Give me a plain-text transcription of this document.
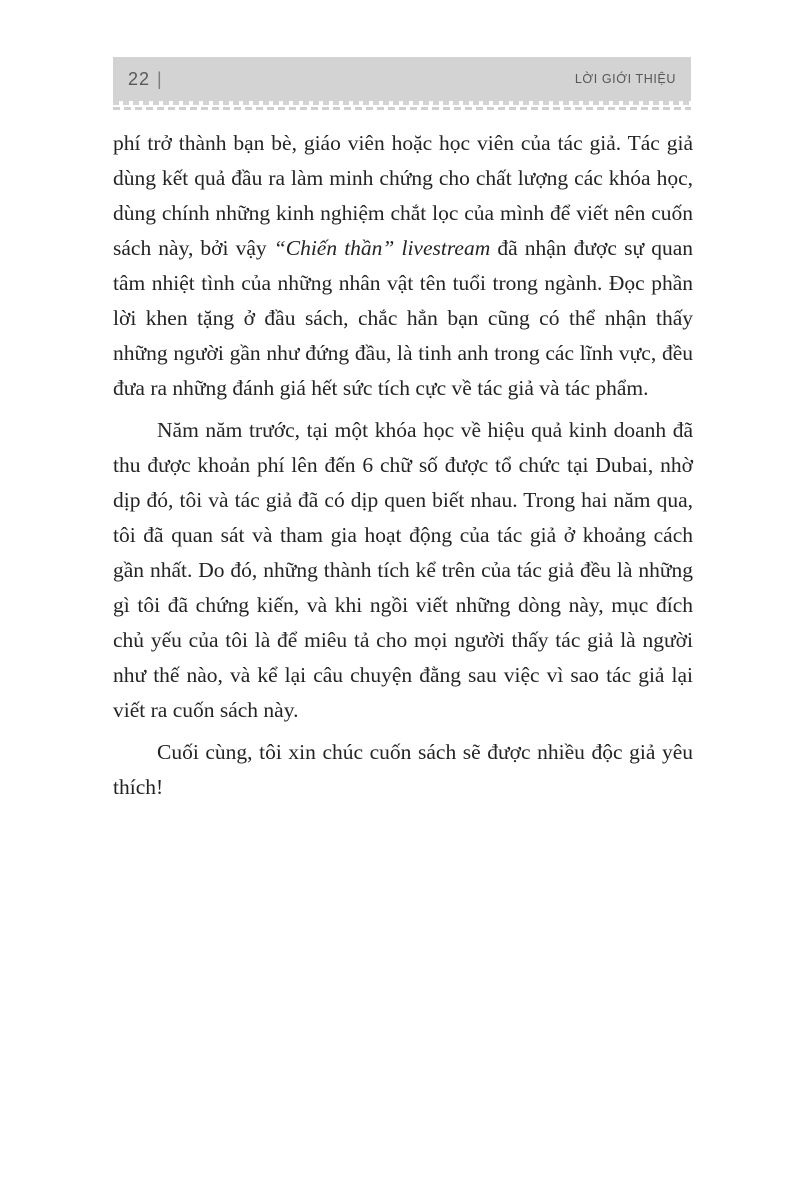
22 |	LỜI GIỚI THIỆU

phí trở thành bạn bè, giáo viên hoặc học viên của tác giả. Tác giả dùng kết quả đầu ra làm minh chứng cho chất lượng các khóa học, dùng chính những kinh nghiệm chắt lọc của mình để viết nên cuốn sách này, bởi vậy “Chiến thần” livestream đã nhận được sự quan tâm nhiệt tình của những nhân vật tên tuổi trong ngành. Đọc phần lời khen tặng ở đầu sách, chắc hẳn bạn cũng có thể nhận thấy những người gần như đứng đầu, là tinh anh trong các lĩnh vực, đều đưa ra những đánh giá hết sức tích cực về tác giả và tác phẩm.

Năm năm trước, tại một khóa học về hiệu quả kinh doanh đã thu được khoản phí lên đến 6 chữ số được tổ chức tại Dubai, nhờ dịp đó, tôi và tác giả đã có dịp quen biết nhau. Trong hai năm qua, tôi đã quan sát và tham gia hoạt động của tác giả ở khoảng cách gần nhất. Do đó, những thành tích kể trên của tác giả đều là những gì tôi đã chứng kiến, và khi ngồi viết những dòng này, mục đích chủ yếu của tôi là để miêu tả cho mọi người thấy tác giả là người như thế nào, và kể lại câu chuyện đằng sau việc vì sao tác giả lại viết ra cuốn sách này.

Cuối cùng, tôi xin chúc cuốn sách sẽ được nhiều độc giả yêu thích!
